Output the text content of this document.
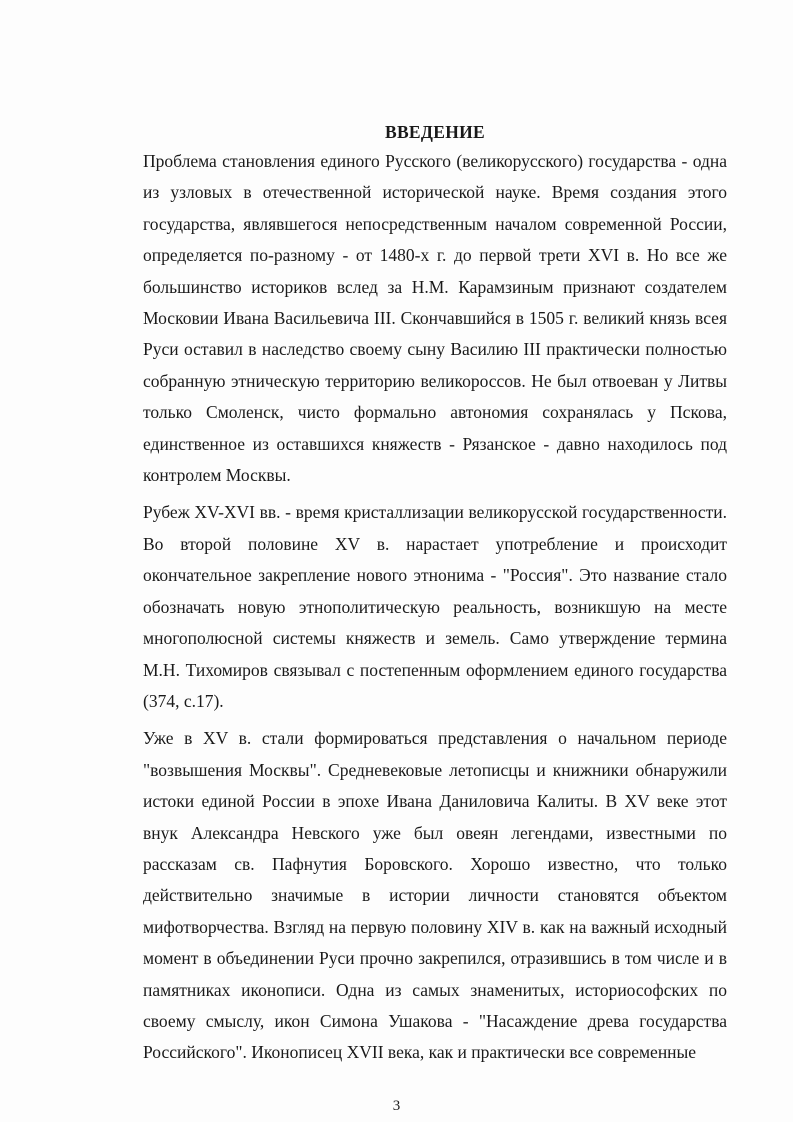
ВВЕДЕНИЕ

Проблема становления единого Русского (великорусского) государства - одна из узловых в отечественной исторической науке. Время создания этого государства, являвшегося непосредственным началом современной России, определяется по-разному - от 1480-х г. до первой трети XVI в. Но все же большинство историков вслед за Н.М. Карамзиным признают создателем Московии Ивана Васильевича III. Скончавшийся в 1505 г. великий князь всея Руси оставил в наследство своему сыну Василию III практически полностью собранную этническую территорию великороссов. Не был отвоеван у Литвы только Смоленск, чисто формально автономия сохранялась у Пскова, единственное из оставшихся княжеств - Рязанское - давно находилось под контролем Москвы.

Рубеж XV-XVI вв. - время кристаллизации великорусской государственности. Во второй половине XV в. нарастает употребление и происходит окончательное закрепление нового этнонима - "Россия". Это название стало обозначать новую этнополитическую реальность, возникшую на месте многополюсной системы княжеств и земель. Само утверждение термина М.Н. Тихомиров связывал с постепенным оформлением единого государства (374, с.17).

Уже в XV в. стали формироваться представления о начальном периоде "возвышения Москвы". Средневековые летописцы и книжники обнаружили истоки единой России в эпохе Ивана Даниловича Калиты. В XV веке этот внук Александра Невского уже был овеян легендами, известными по рассказам св. Пафнутия Боровского. Хорошо известно, что только действительно значимые в истории личности становятся объектом мифотворчества. Взгляд на первую половину XIV в. как на важный исходный момент в объединении Руси прочно закрепился, отразившись в том числе и в памятниках иконописи. Одна из самых знаменитых, историософских по своему смыслу, икон Симона Ушакова - "Насаждение древа государства Российского". Иконописец XVII века, как и практически все современные

3
